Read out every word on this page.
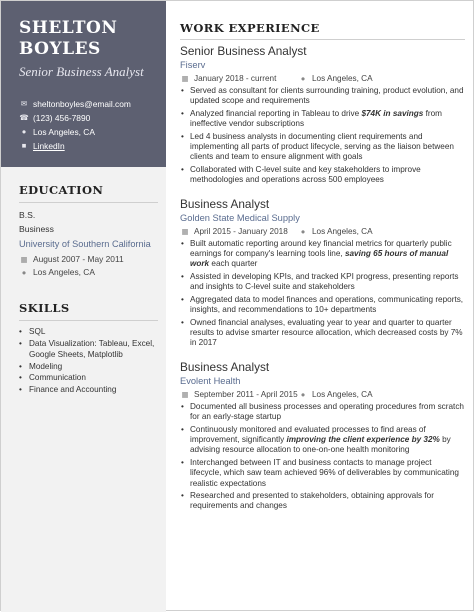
SHELTON
BOYLES
Senior Business Analyst
✉ sheltonboyles@email.com
☎ (123) 456-7890
● Los Angeles, CA
■ LinkedIn
EDUCATION
B.S.
Business
University of Southern California
▦ August 2007 - May 2011
● Los Angeles, CA
SKILLS
• SQL
• Data Visualization: Tableau, Excel, Google Sheets, Matplotlib
• Modeling
• Communication
• Finance and Accounting
WORK EXPERIENCE
Senior Business Analyst
Fiserv
▦ January 2018 - current	● Los Angeles, CA
• Served as consultant for clients surrounding training, product evolution, and updated scope and requirements
• Analyzed financial reporting in Tableau to drive $74K in savings from ineffective vendor subscriptions
• Led 4 business analysts in documenting client requirements and implementing all parts of product lifecycle, serving as the liaison between clients and team to ensure alignment with goals
• Collaborated with C-level suite and key stakeholders to improve methodologies and operations across 500 employees
Business Analyst
Golden State Medical Supply
▦ April 2015 - January 2018	● Los Angeles, CA
• Built automatic reporting around key financial metrics for quarterly public earnings for company's learning tools line, saving 65 hours of manual work each quarter
• Assisted in developing KPIs, and tracked KPI progress, presenting reports and insights to C-level suite and stakeholders
• Aggregated data to model finances and operations, communicating reports, insights, and recommendations to 10+ departments
• Owned financial analyses, evaluating year to year and quarter to quarter results to advise smarter resource allocation, which decreased costs by 7% in 2017
Business Analyst
Evolent Health
▦ September 2011 - April 2015 ● Los Angeles, CA
• Documented all business processes and operating procedures from scratch for an early-stage startup
• Continuously monitored and evaluated processes to find areas of improvement, significantly improving the client experience by 32% by advising resource allocation to one-on-one health monitoring
• Interchanged between IT and business contacts to manage project lifecycle, which saw team achieved 96% of deliverables by communicating realistic expectations
• Researched and presented to stakeholders, obtaining approvals for requirements and changes
